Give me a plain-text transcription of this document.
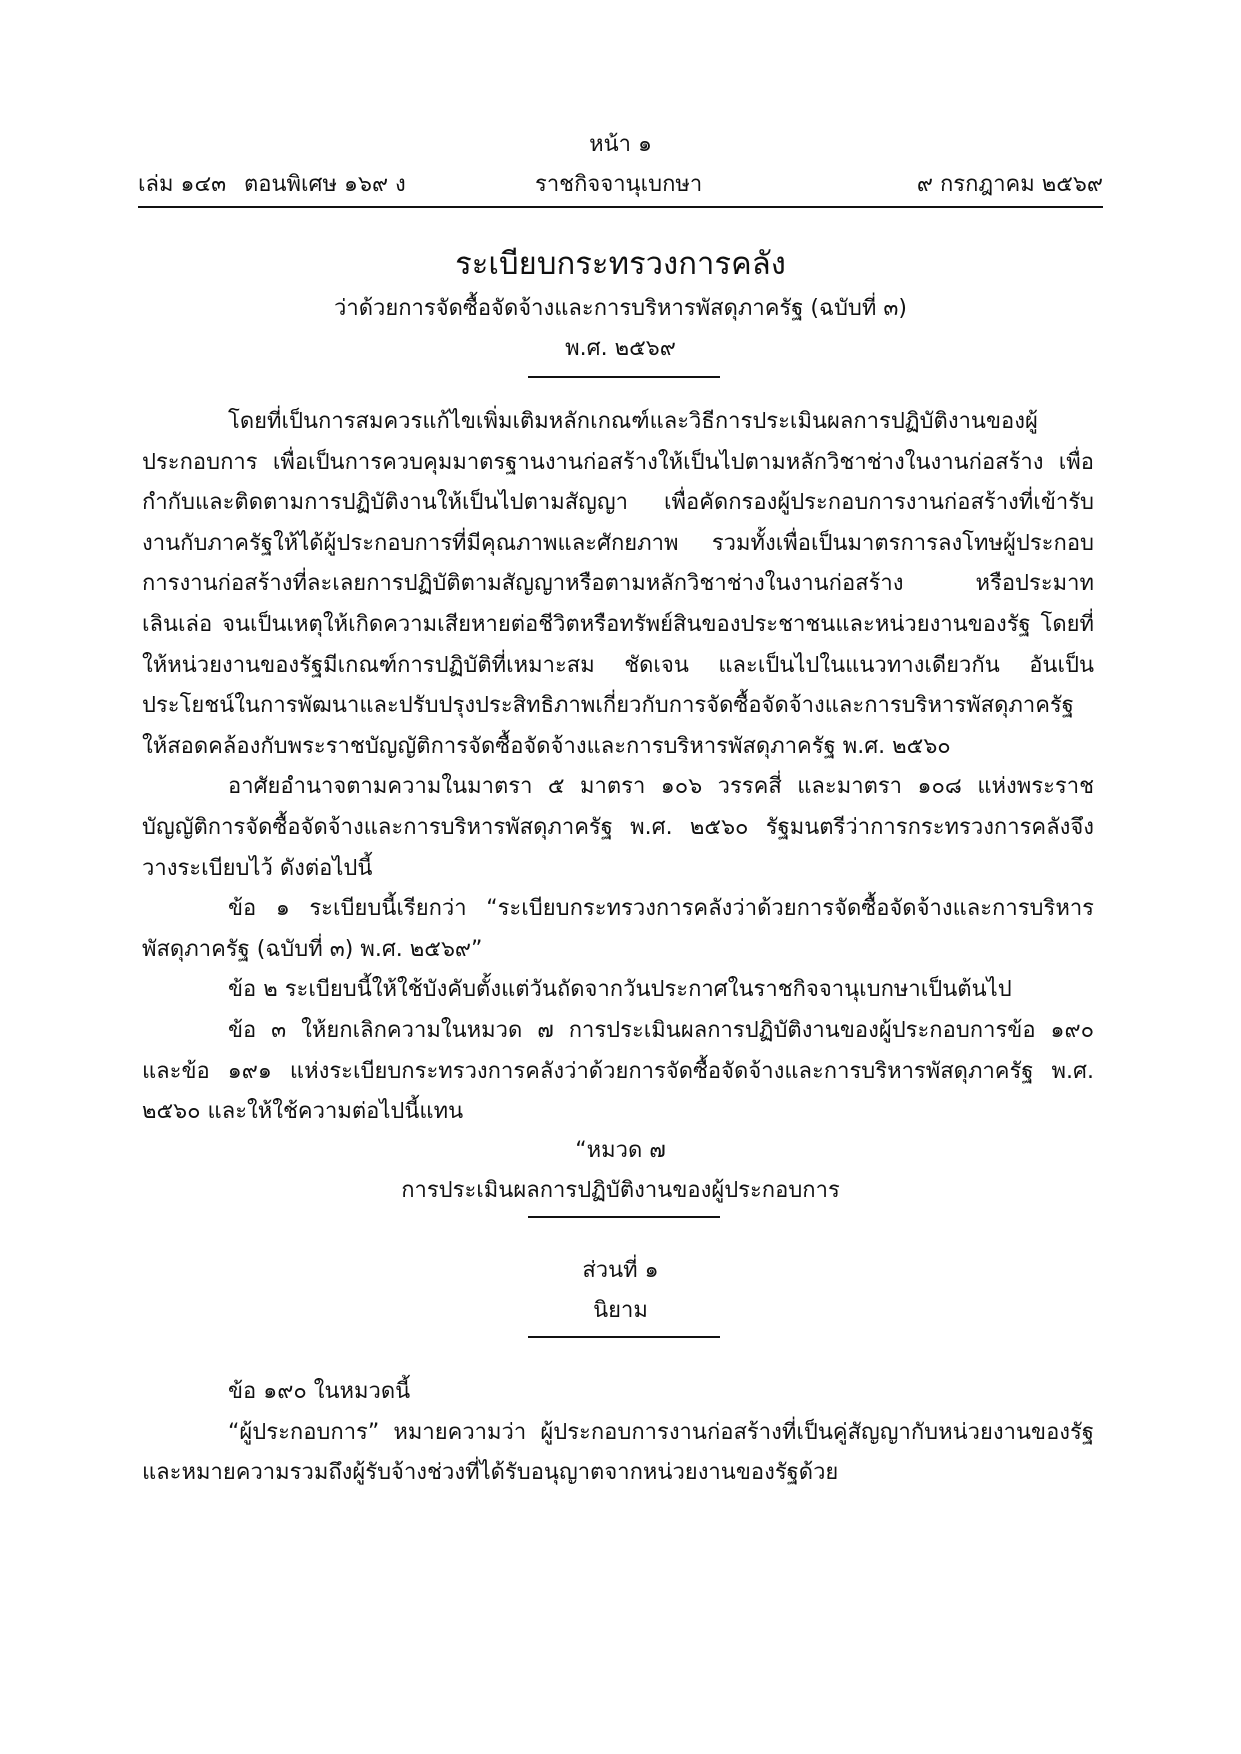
หน้า ๑
เล่ม ๑๔๓ ตอนพิเศษ ๑๖๙ ง	ราชกิจจานุเบกษา	๙ กรกฎาคม ๒๕๖๙
ระเบียบกระทรวงการคลัง
ว่าด้วยการจัดซื้อจัดจ้างและการบริหารพัสดุภาครัฐ (ฉบับที่ ๓)
พ.ศ. ๒๕๖๙

โดยที่เป็นการสมควรแก้ไขเพิ่มเติมหลักเกณฑ์และวิธีการประเมินผลการปฏิบัติงานของผู้ประกอบการ เพื่อเป็นการควบคุมมาตรฐานงานก่อสร้างให้เป็นไปตามหลักวิชาช่างในงานก่อสร้าง เพื่อกำกับและติดตามการปฏิบัติงานให้เป็นไปตามสัญญา เพื่อคัดกรองผู้ประกอบการงานก่อสร้างที่เข้ารับงานกับภาครัฐให้ได้ผู้ประกอบการที่มีคุณภาพและศักยภาพ รวมทั้งเพื่อเป็นมาตรการลงโทษผู้ประกอบการงานก่อสร้างที่ละเลยการปฏิบัติตามสัญญาหรือตามหลักวิชาช่างในงานก่อสร้าง หรือประมาทเลินเล่อ จนเป็นเหตุให้เกิดความเสียหายต่อชีวิตหรือทรัพย์สินของประชาชนและหน่วยงานของรัฐ โดยที่ให้หน่วยงานของรัฐมีเกณฑ์การปฏิบัติที่เหมาะสม ชัดเจน และเป็นไปในแนวทางเดียวกัน อันเป็นประโยชน์ในการพัฒนาและปรับปรุงประสิทธิภาพเกี่ยวกับการจัดซื้อจัดจ้างและการบริหารพัสดุภาครัฐให้สอดคล้องกับพระราชบัญญัติการจัดซื้อจัดจ้างและการบริหารพัสดุภาครัฐ พ.ศ. ๒๕๖๐

อาศัยอำนาจตามความในมาตรา ๕ มาตรา ๑๐๖ วรรคสี่ และมาตรา ๑๐๘ แห่งพระราชบัญญัติการจัดซื้อจัดจ้างและการบริหารพัสดุภาครัฐ พ.ศ. ๒๕๖๐ รัฐมนตรีว่าการกระทรวงการคลังจึงวางระเบียบไว้ ดังต่อไปนี้

ข้อ ๑ ระเบียบนี้เรียกว่า “ระเบียบกระทรวงการคลังว่าด้วยการจัดซื้อจัดจ้างและการบริหารพัสดุภาครัฐ (ฉบับที่ ๓) พ.ศ. ๒๕๖๙”

ข้อ ๒ ระเบียบนี้ให้ใช้บังคับตั้งแต่วันถัดจากวันประกาศในราชกิจจานุเบกษาเป็นต้นไป

ข้อ ๓ ให้ยกเลิกความในหมวด ๗ การประเมินผลการปฏิบัติงานของผู้ประกอบการข้อ ๑๙๐ และข้อ ๑๙๑ แห่งระเบียบกระทรวงการคลังว่าด้วยการจัดซื้อจัดจ้างและการบริหารพัสดุภาครัฐ พ.ศ. ๒๕๖๐ และให้ใช้ความต่อไปนี้แทน

“หมวด ๗
การประเมินผลการปฏิบัติงานของผู้ประกอบการ
ส่วนที่ ๑
นิยาม

ข้อ ๑๙๐ ในหมวดนี้

“ผู้ประกอบการ” หมายความว่า ผู้ประกอบการงานก่อสร้างที่เป็นคู่สัญญากับหน่วยงานของรัฐและหมายความรวมถึงผู้รับจ้างช่วงที่ได้รับอนุญาตจากหน่วยงานของรัฐด้วย
